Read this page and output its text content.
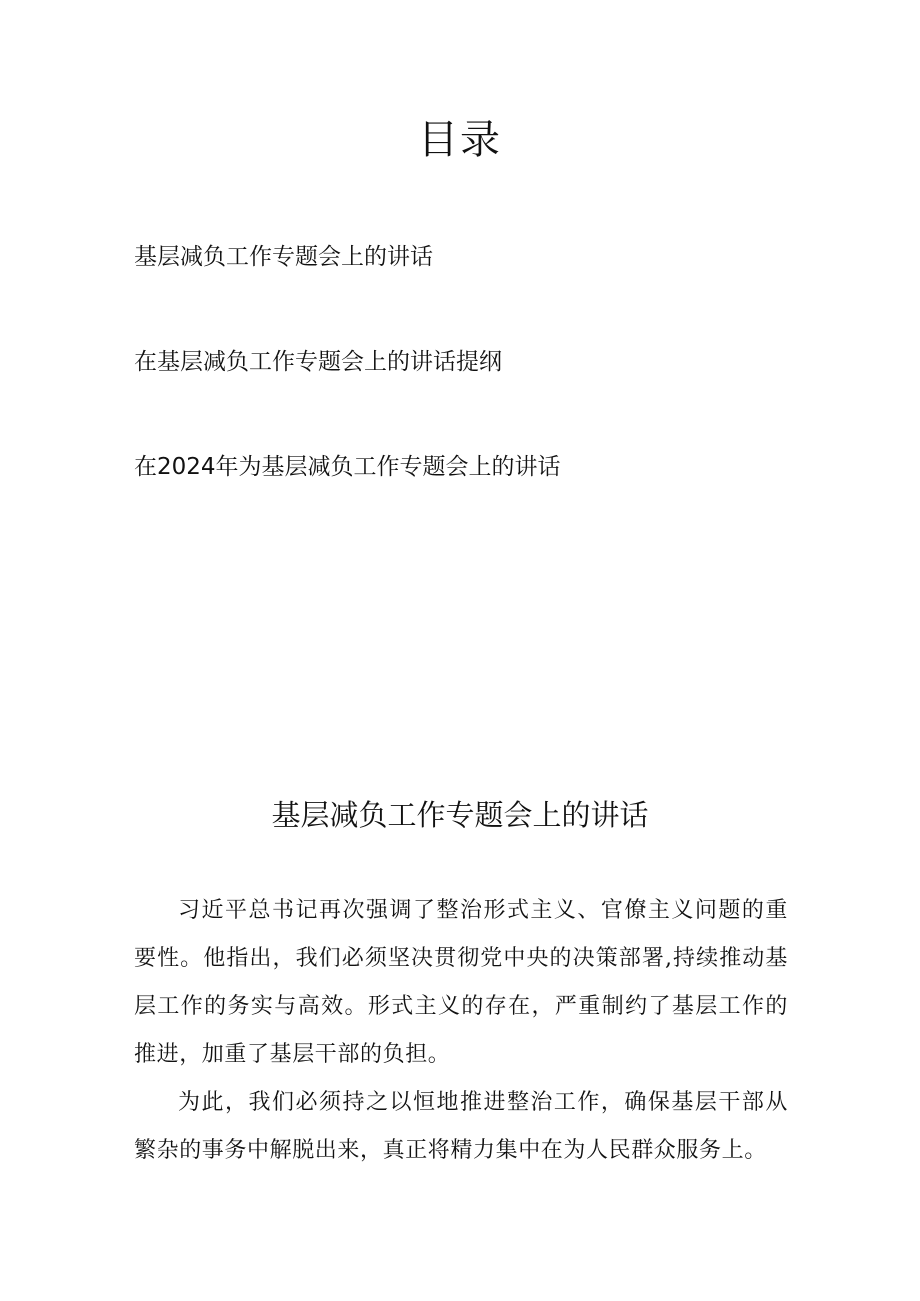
目录
基层减负工作专题会上的讲话
在基层减负工作专题会上的讲话提纲
在2024年为基层减负工作专题会上的讲话
基层减负工作专题会上的讲话

习近平总书记再次强调了整治形式主义、官僚主义问题的重要性。他指出，我们必须坚决贯彻党中央的决策部署,持续推动基层工作的务实与高效。形式主义的存在，严重制约了基层工作的推进，加重了基层干部的负担。

为此，我们必须持之以恒地推进整治工作，确保基层干部从繁杂的事务中解脱出来，真正将精力集中在为人民群众服务上。
